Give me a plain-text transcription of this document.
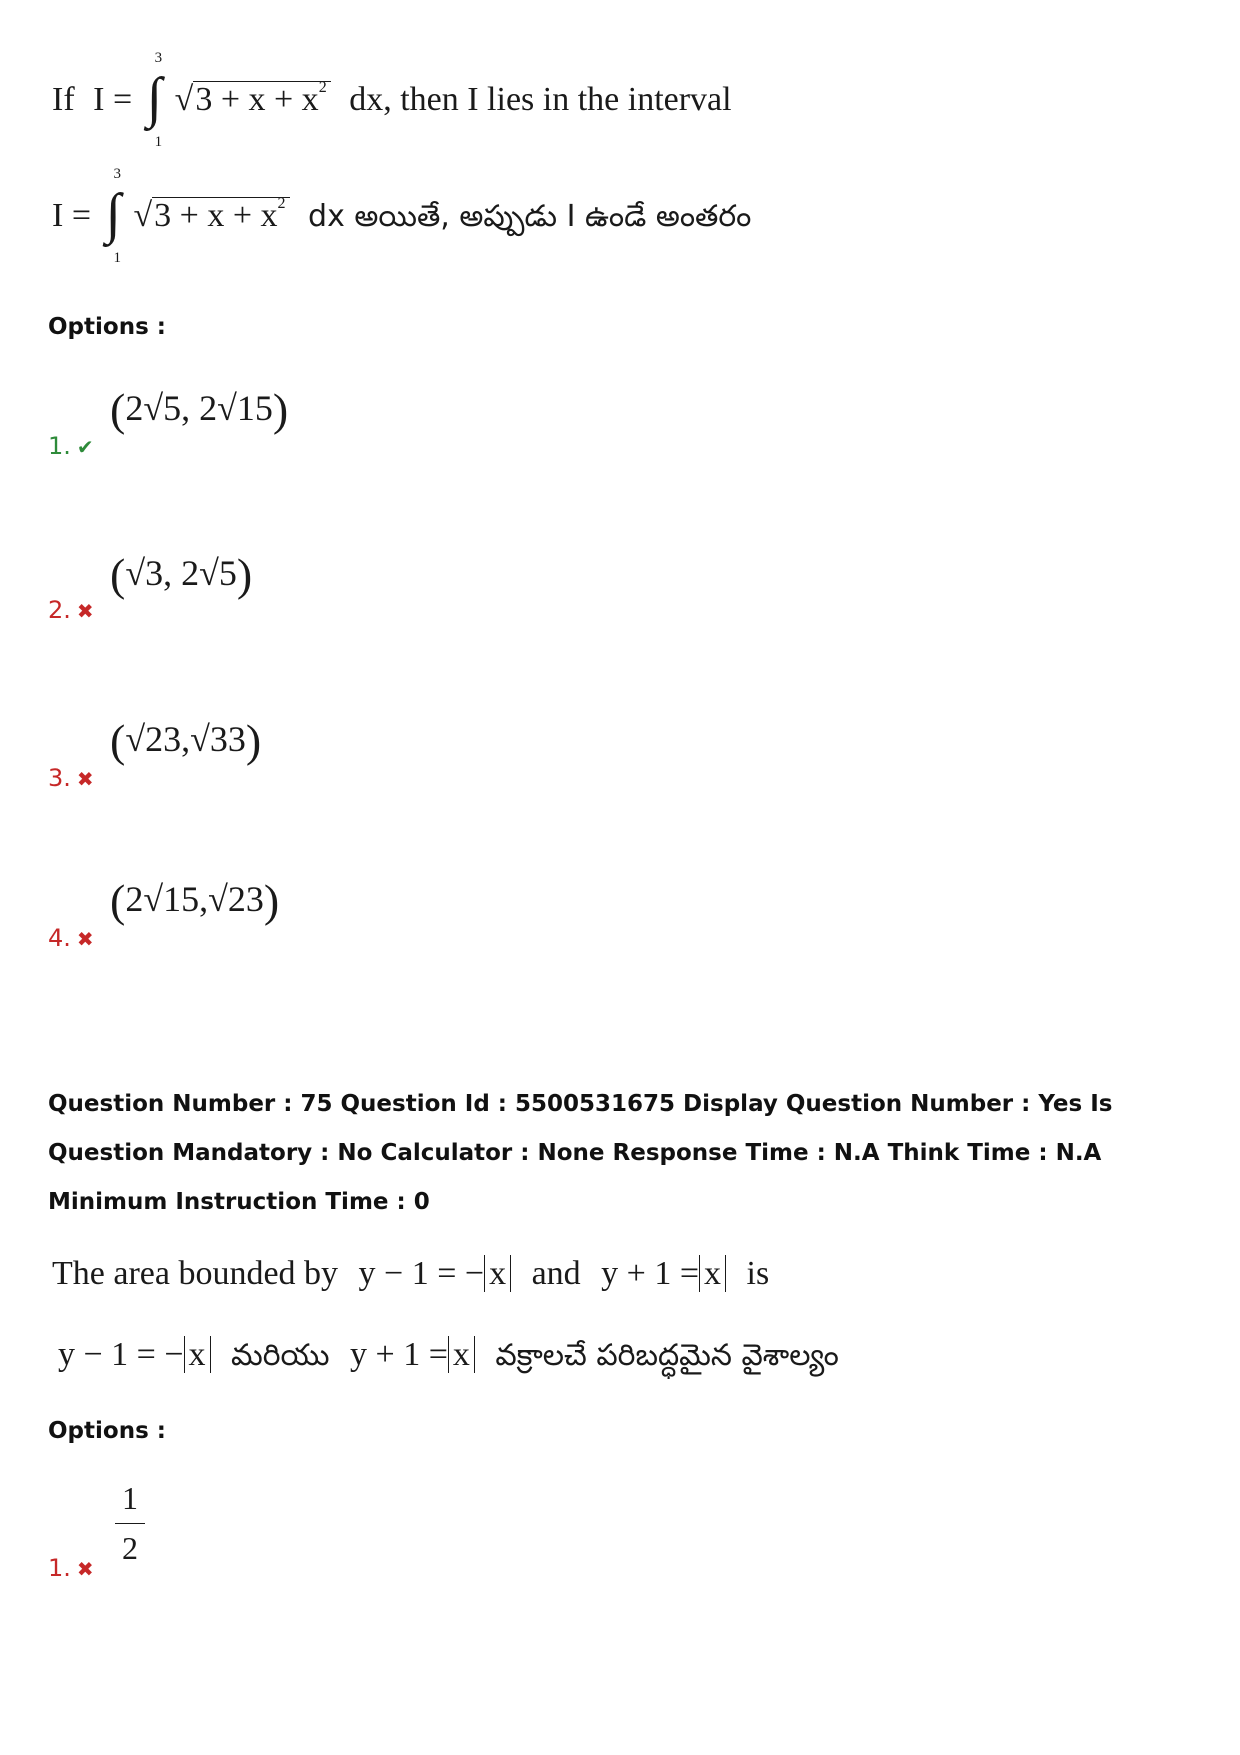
If I = ∫
3
1
$√3 + x + x^2$ dx, then I lies in the interval
I = ∫
3
1
$√3 + x + x^2$ dx అయితే, అప్పుడు I ఉండే అంతరం
Options :
(2√5, 2√15)
1. ✔
(√3, 2√5)
2. ✖
(√23,√33)
3. ✖
(2√15,√23)
4. ✖
Question Number : 75 Question Id : 5500531675 Display Question Number : Yes Is Question Mandatory : No Calculator : None Response Time : N.A Think Time : N.A Minimum Instruction Time : 0
The area bounded by y − 1 = − x and y + 1 = x is
y − 1 = − x మరియు y + 1 = x వక్రాలచే పరిబద్ధమైన వైశాల్యం
Options :
1
2
1. ✖
